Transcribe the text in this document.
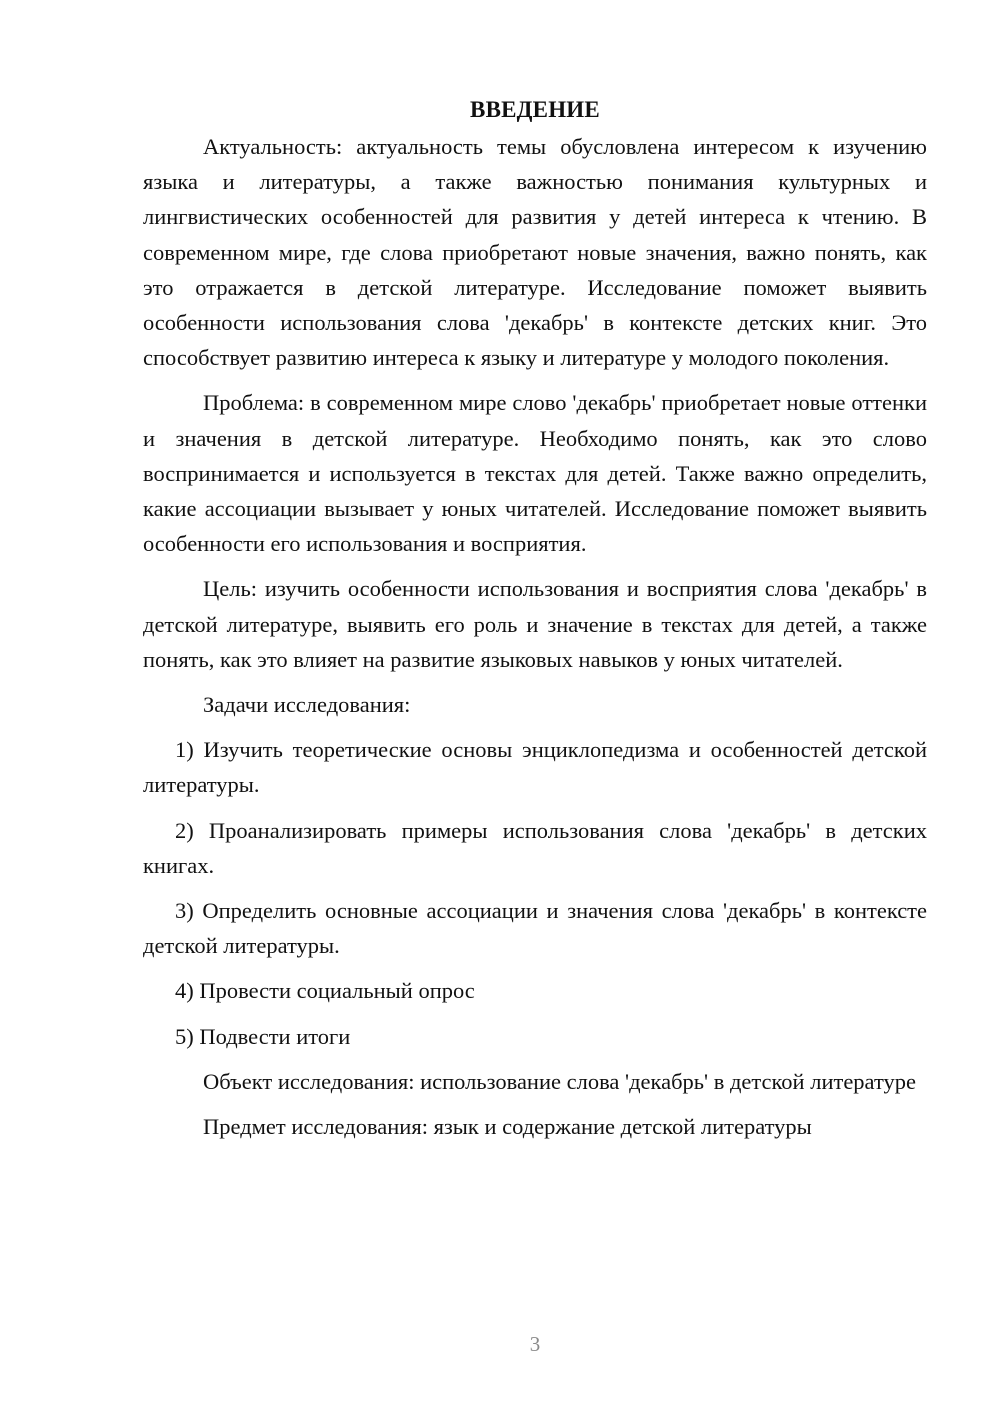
ВВЕДЕНИЕ

Актуальность: актуальность темы обусловлена интересом к изучению языка и литературы, а также важностью понимания культурных и лингвистических особенностей для развития у детей интереса к чтению. В современном мире, где слова приобретают новые значения, важно понять, как это отражается в детской литературе. Исследование поможет выявить особенности использования слова 'декабрь' в контексте детских книг. Это способствует развитию интереса к языку и литературе у молодого поколения.

Проблема: в современном мире слово 'декабрь' приобретает новые оттенки и значения в детской литературе. Необходимо понять, как это слово воспринимается и используется в текстах для детей. Также важно определить, какие ассоциации вызывает у юных читателей. Исследование поможет выявить особенности его использования и восприятия.

Цель: изучить особенности использования и восприятия слова 'декабрь' в детской литературе, выявить его роль и значение в текстах для детей, а также понять, как это влияет на развитие языковых навыков у юных читателей.

Задачи исследования:

1) Изучить теоретические основы энциклопедизма и особенностей детской литературы.

2) Проанализировать примеры использования слова 'декабрь' в детских книгах.

3) Определить основные ассоциации и значения слова 'декабрь' в контексте детской литературы.

4) Провести социальный опрос

5) Подвести итоги

Объект исследования: использование слова 'декабрь' в детской литературе

Предмет исследования: язык и содержание детской литературы

3
